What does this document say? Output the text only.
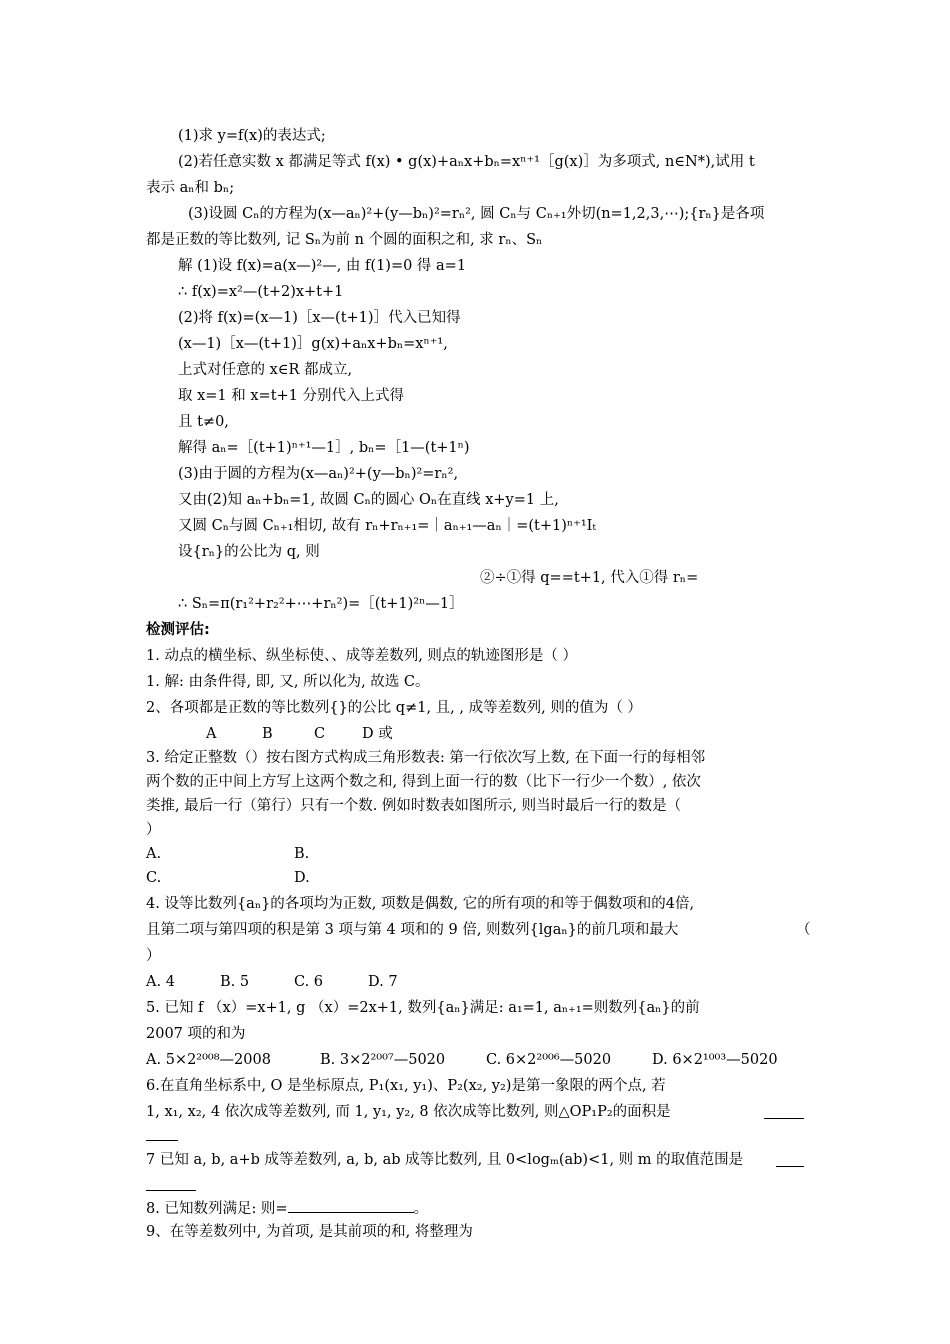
(1)求 y=f(x)的表达式;
(2)若任意实数 x 都满足等式 f(x) • g(x)+aₙx+bₙ=xⁿ⁺¹［g(x)］为多项式, n∈N*),试用 t
表示 aₙ和 bₙ;
(3)设圆 Cₙ的方程为(x—aₙ)²+(y—bₙ)²=rₙ², 圆 Cₙ与 Cₙ₊₁外切(n=1,2,3,⋯);{rₙ}是各项
都是正数的等比数列, 记 Sₙ为前 n 个圆的面积之和, 求 rₙ、Sₙ
解 (1)设 f(x)=a(x—)²—, 由 f(1)=0 得 a=1
∴ f(x)=x²—(t+2)x+t+1
(2)将 f(x)=(x—1)［x—(t+1)］代入已知得
(x—1)［x—(t+1)］g(x)+aₙx+bₙ=xⁿ⁺¹,
上式对任意的 x∈R 都成立,
取 x=1 和 x=t+1 分别代入上式得
且 t≠0,
解得 aₙ=［(t+1)ⁿ⁺¹—1］, bₙ=［1—(t+1ⁿ)
(3)由于圆的方程为(x—aₙ)²+(y—bₙ)²=rₙ²,
又由(2)知 aₙ+bₙ=1, 故圆 Cₙ的圆心 Oₙ在直线 x+y=1 上,
又圆 Cₙ与圆 Cₙ₊₁相切, 故有 rₙ+rₙ₊₁=｜aₙ₊₁—aₙ｜=(t+1)ⁿ⁺¹Iₜ
设{rₙ}的公比为 q, 则
②÷①得 q==t+1, 代入①得 rₙ=
∴ Sₙ=π(r₁²+r₂²+⋯+rₙ²)=［(t+1)²ⁿ—1］
检测评估:
1. 动点的横坐标、纵坐标使、、成等差数列, 则点的轨迹图形是（ ）
1. 解: 由条件得, 即, 又, 所以化为, 故选 C。
2、各项都是正数的等比数列{}的公比 q≠1, 且, , 成等差数列, 则的值为（ ）
A	B	C	D 或
3. 给定正整数（）按右图方式构成三角形数表: 第一行依次写上数, 在下面一行的每相邻
两个数的正中间上方写上这两个数之和, 得到上面一行的数（比下一行少一个数）, 依次
类推, 最后一行（第行）只有一个数. 例如时数表如图所示, 则当时最后一行的数是（
）
A.	B.
C.	D.
4. 设等比数列{aₙ}的各项均为正数, 项数是偶数, 它的所有项的和等于偶数项和的4倍,
且第二项与第四项的积是第 3 项与第 4 项和的 9 倍, 则数列{lgaₙ}的前几项和最大	（
）
A. 4	B. 5	C. 6	D. 7
5. 已知 f （x）=x+1, g （x）=2x+1, 数列{aₙ}满足: a₁=1, aₙ₊₁=则数列{aₙ}的前
2007 项的和为
A. 5×2²⁰⁰⁸—2008	B. 3×2²⁰⁰⁷—5020	C. 6×2²⁰⁰⁶—5020	D. 6×2¹⁰⁰³—5020
6.在直角坐标系中, O 是坐标原点, P₁(x₁, y₁)、P₂(x₂, y₂)是第一象限的两个点, 若
1, x₁, x₂, 4 依次成等差数列, 而 1, y₁, y₂, 8 依次成等比数列, 则△OP₁P₂的面积是
7 已知 a, b, a+b 成等差数列, a, b, ab 成等比数列, 且 0<logₘ(ab)<1, 则 m 的取值范围是
8. 已知数列满足: 则=	。
9、在等差数列中, 为首项, 是其前项的和, 将整理为
